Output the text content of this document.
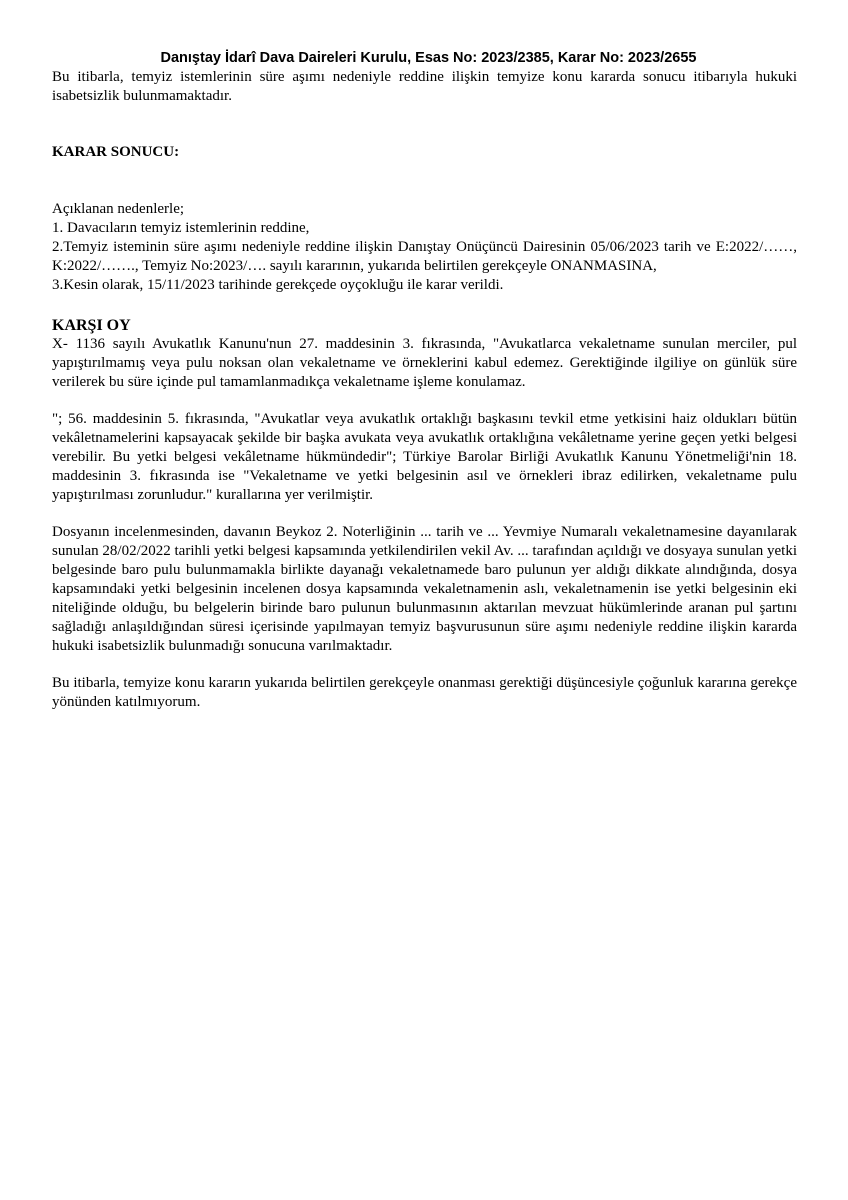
Danıştay İdarî Dava Daireleri Kurulu, Esas No: 2023/2385, Karar No: 2023/2655

Bu itibarla, temyiz istemlerinin süre aşımı nedeniyle reddine ilişkin temyize konu kararda sonucu itibarıyla hukuki isabetsizlik bulunmamaktadır.

KARAR SONUCU:

Açıklanan nedenlerle;

1. Davacıların temyiz istemlerinin reddine,

2.Temyiz isteminin süre aşımı nedeniyle reddine ilişkin Danıştay Onüçüncü Dairesinin 05/06/2023 tarih ve E:2022/……, K:2022/……., Temyiz No:2023/…. sayılı kararının, yukarıda belirtilen gerekçeyle ONANMASINA,

3.Kesin olarak, 15/11/2023 tarihinde gerekçede oyçokluğu ile karar verildi.

KARŞI OY

X- 1136 sayılı Avukatlık Kanunu'nun 27. maddesinin 3. fıkrasında, "Avukatlarca vekaletname sunulan merciler, pul yapıştırılmamış veya pulu noksan olan vekaletname ve örneklerini kabul edemez. Gerektiğinde ilgiliye on günlük süre verilerek bu süre içinde pul tamamlanmadıkça vekaletname işleme konulamaz.

"; 56. maddesinin 5. fıkrasında, "Avukatlar veya avukatlık ortaklığı başkasını tevkil etme yetkisini haiz oldukları bütün vekâletnamelerini kapsayacak şekilde bir başka avukata veya avukatlık ortaklığına vekâletname yerine geçen yetki belgesi verebilir. Bu yetki belgesi vekâletname hükmündedir"; Türkiye Barolar Birliği Avukatlık Kanunu Yönetmeliği'nin 18. maddesinin 3. fıkrasında ise "Vekaletname ve yetki belgesinin asıl ve örnekleri ibraz edilirken, vekaletname pulu yapıştırılması zorunludur." kurallarına yer verilmiştir.

Dosyanın incelenmesinden, davanın Beykoz 2. Noterliğinin ... tarih ve ... Yevmiye Numaralı vekaletnamesine dayanılarak sunulan 28/02/2022 tarihli yetki belgesi kapsamında yetkilendirilen vekil Av. ... tarafından açıldığı ve dosyaya sunulan yetki belgesinde baro pulu bulunmamakla birlikte dayanağı vekaletnamede baro pulunun yer aldığı dikkate alındığında, dosya kapsamındaki yetki belgesinin incelenen dosya kapsamında vekaletnamenin aslı, vekaletnamenin ise yetki belgesinin eki niteliğinde olduğu, bu belgelerin birinde baro pulunun bulunmasının aktarılan mevzuat hükümlerinde aranan pul şartını sağladığı anlaşıldığından süresi içerisinde yapılmayan temyiz başvurusunun süre aşımı nedeniyle reddine ilişkin kararda hukuki isabetsizlik bulunmadığı sonucuna varılmaktadır.

Bu itibarla, temyize konu kararın yukarıda belirtilen gerekçeyle onanması gerektiği düşüncesiyle çoğunluk kararına gerekçe yönünden katılmıyorum.
